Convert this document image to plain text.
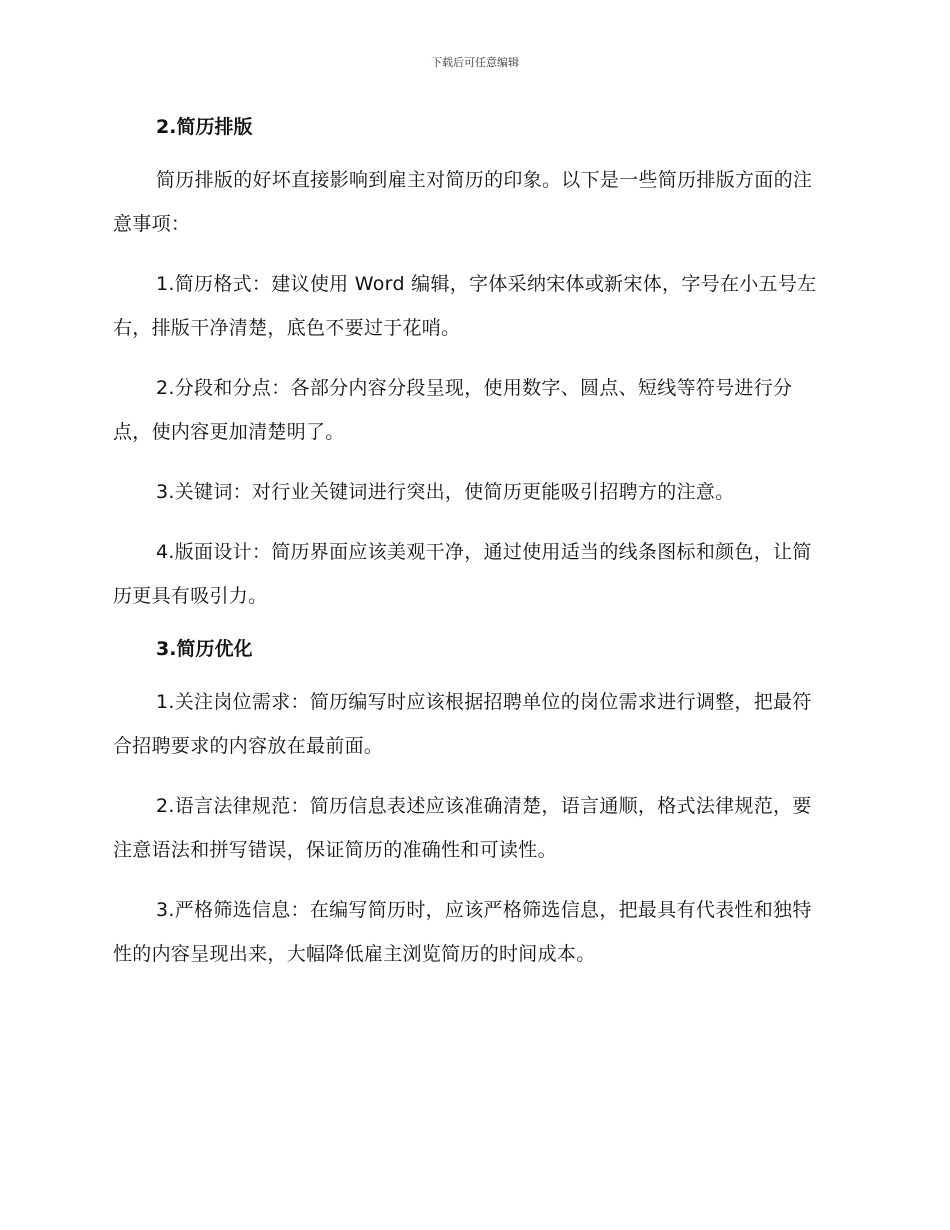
下载后可任意编辑
2.简历排版

简历排版的好坏直接影响到雇主对简历的印象。以下是一些简历排版方面的注意事项：

1.简历格式：建议使用 Word 编辑，字体采纳宋体或新宋体，字号在小五号左右，排版干净清楚，底色不要过于花哨。

2.分段和分点：各部分内容分段呈现，使用数字、圆点、短线等符号进行分点，使内容更加清楚明了。

3.关键词：对行业关键词进行突出，使简历更能吸引招聘方的注意。

4.版面设计：简历界面应该美观干净，通过使用适当的线条图标和颜色，让简历更具有吸引力。

3.简历优化

1.关注岗位需求：简历编写时应该根据招聘单位的岗位需求进行调整，把最符合招聘要求的内容放在最前面。

2.语言法律规范：简历信息表述应该准确清楚，语言通顺，格式法律规范，要注意语法和拼写错误，保证简历的准确性和可读性。

3.严格筛选信息：在编写简历时，应该严格筛选信息，把最具有代表性和独特性的内容呈现出来，大幅降低雇主浏览简历的时间成本。
